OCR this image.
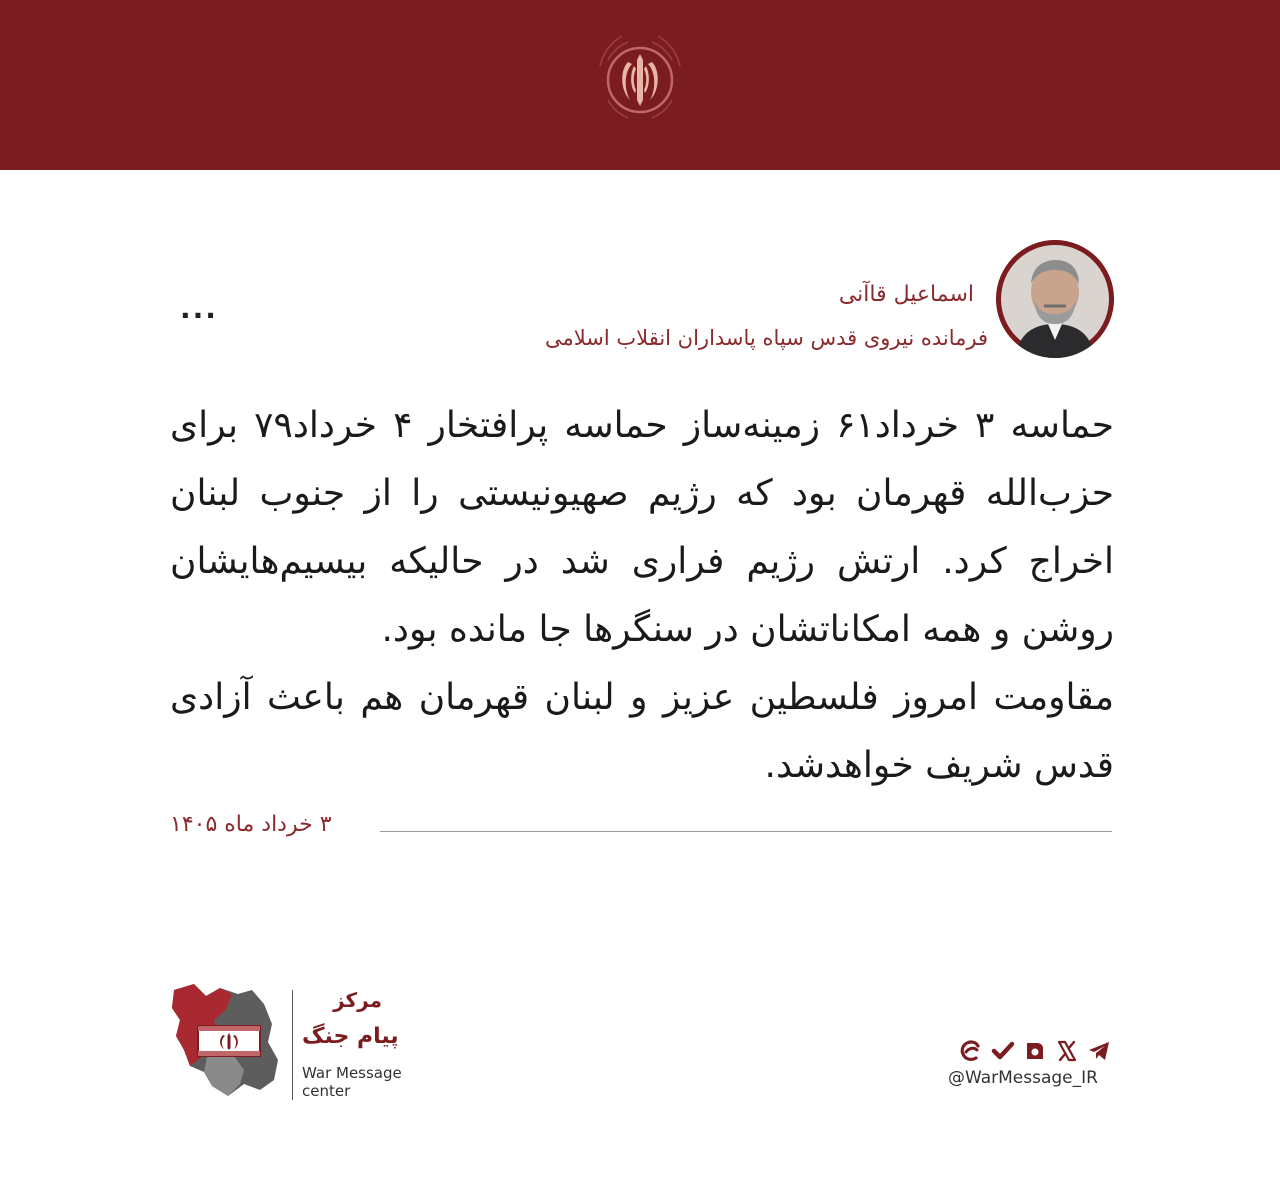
اسماعیل قاآنی
فرمانده نیروی قدس سپاه پاسداران انقلاب اسلامی
...
حماسه ۳ خرداد۶۱ زمینه‌ساز حماسه پرافتخار ۴ خرداد۷۹ برای
حزب‌الله قهرمان بود که رژیم صهیونیستی را از جنوب لبنان
اخراج کرد. ارتش رژیم فراری شد در حالیکه بیسیم‌هایشان
روشن و همه امکاناتشان در سنگرها جا مانده بود.
مقاومت امروز فلسطین عزیز و لبنان قهرمان هم باعث آزادی
قدس شریف خواهدشد.
۳ خرداد ماه ۱۴۰۵
مرکز
پیام جنگ
War Message
center
@WarMessage_IR
